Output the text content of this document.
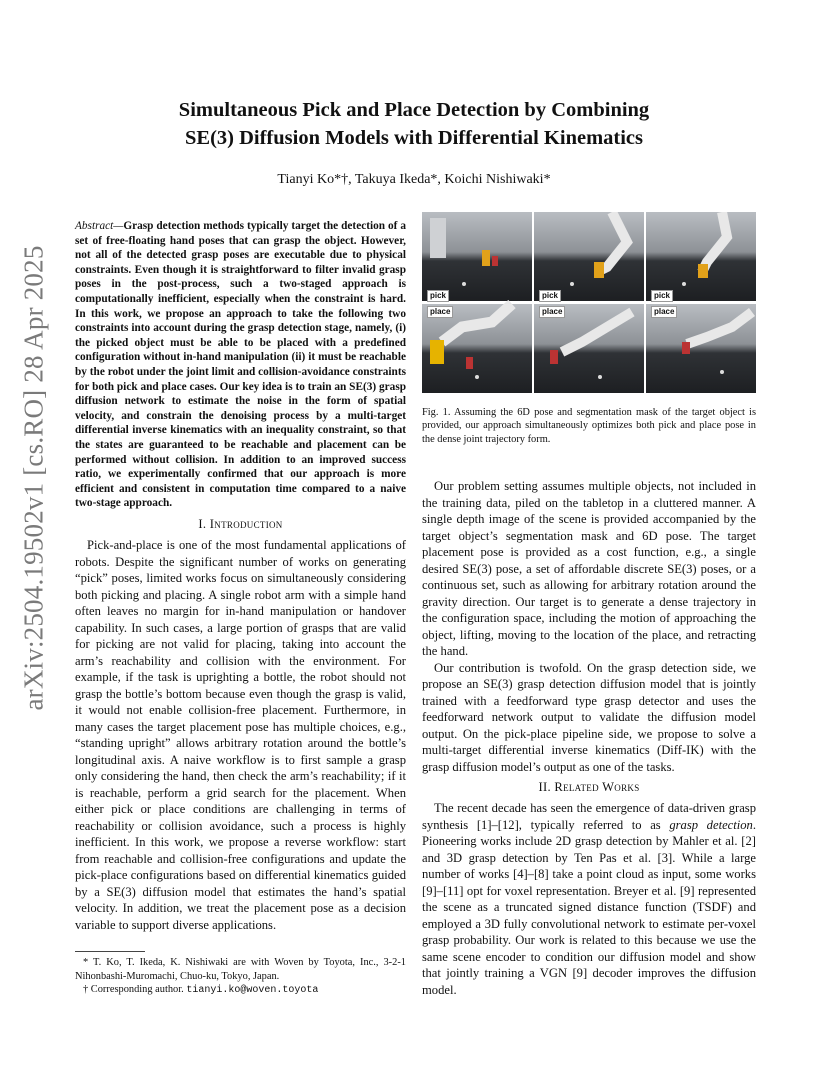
arXiv:2504.19502v1 [cs.RO] 28 Apr 2025
Simultaneous Pick and Place Detection by Combining
SE(3) Diffusion Models with Differential Kinematics
Tianyi Ko*†, Takuya Ikeda*, Koichi Nishiwaki*
Abstract—Grasp detection methods typically target the detection of a set of free-floating hand poses that can grasp the object. However, not all of the detected grasp poses are executable due to physical constraints. Even though it is straightforward to filter invalid grasp poses in the post-process, such a two-staged approach is computationally inefficient, especially when the constraint is hard. In this work, we propose an approach to take the following two constraints into account during the grasp detection stage, namely, (i) the picked object must be able to be placed with a predefined configuration without in-hand manipulation (ii) it must be reachable by the robot under the joint limit and collision-avoidance constraints for both pick and place cases. Our key idea is to train an SE(3) grasp diffusion network to estimate the noise in the form of spatial velocity, and constrain the denoising process by a multi-target differential inverse kinematics with an inequality constraint, so that the states are guaranteed to be reachable and placement can be performed without collision. In addition to an improved success ratio, we experimentally confirmed that our approach is more efficient and consistent in computation time compared to a naive two-stage approach.
I. Introduction

Pick-and-place is one of the most fundamental applications of robots. Despite the significant number of works on generating “pick” poses, limited works focus on simultaneously considering both picking and placing. A single robot arm with a simple hand often leaves no margin for in-hand manipulation or handover capability. In such cases, a large portion of grasps that are valid for picking are not valid for placing, taking into account the arm’s reachability and collision with the environment. For example, if the task is uprighting a bottle, the robot should not grasp the bottle’s bottom because even though the grasp is valid, it would not enable collision-free placement. Furthermore, in many cases the target placement pose has multiple choices, e.g., “standing upright” allows arbitrary rotation around the bottle’s longitudinal axis. A naive workflow is to first sample a grasp only considering the hand, then check the arm’s reachability; if it is reachable, perform a grid search for the placement. When either pick or place conditions are challenging in terms of reachability or collision avoidance, such a process is highly inefficient. In this work, we propose a reverse workflow: start from reachable and collision-free configurations and update the pick-place configurations based on differential kinematics guided by a SE(3) diffusion model that estimates the hand’s spatial velocity. In addition, we treat the placement pose as a decision variable to support diverse applications.

* T. Ko, T. Ikeda, K. Nishiwaki are with Woven by Toyota, Inc., 3-2-1 Nihonbashi-Muromachi, Chuo-ku, Tokyo, Japan.
† Corresponding author. tianyi.ko@woven.toyota
pick
place
pick
place
pick
place
Fig. 1. Assuming the 6D pose and segmentation mask of the target object is provided, our approach simultaneously optimizes both pick and place pose in the dense joint trajectory form.

Our problem setting assumes multiple objects, not included in the training data, piled on the tabletop in a cluttered manner. A single depth image of the scene is provided accompanied by the target object’s segmentation mask and 6D pose. The target placement pose is provided as a cost function, e.g., a single desired SE(3) pose, a set of affordable discrete SE(3) poses, or a continuous set, such as allowing for arbitrary rotation around the gravity direction. Our target is to generate a dense trajectory in the configuration space, including the motion of approaching the object, lifting, moving to the location of the place, and retracting the hand.

Our contribution is twofold. On the grasp detection side, we propose an SE(3) grasp detection diffusion model that is jointly trained with a feedforward type grasp detector and uses the feedforward network output to validate the diffusion model output. On the pick-place pipeline side, we propose to solve a multi-target differential inverse kinematics (Diff-IK) with the grasp diffusion model’s output as one of the tasks.

II. Related Works

The recent decade has seen the emergence of data-driven grasp synthesis [1]–[12], typically referred to as grasp detection. Pioneering works include 2D grasp detection by Mahler et al. [2] and 3D grasp detection by Ten Pas et al. [3]. While a large number of works [4]–[8] take a point cloud as input, some works [9]–[11] opt for voxel representation. Breyer et al. [9] represented the scene as a truncated signed distance function (TSDF) and employed a 3D fully convolutional network to estimate per-voxel grasp probability. Our work is related to this because we use the same scene encoder to condition our diffusion model and show that jointly training a VGN [9] decoder improves the diffusion model.
